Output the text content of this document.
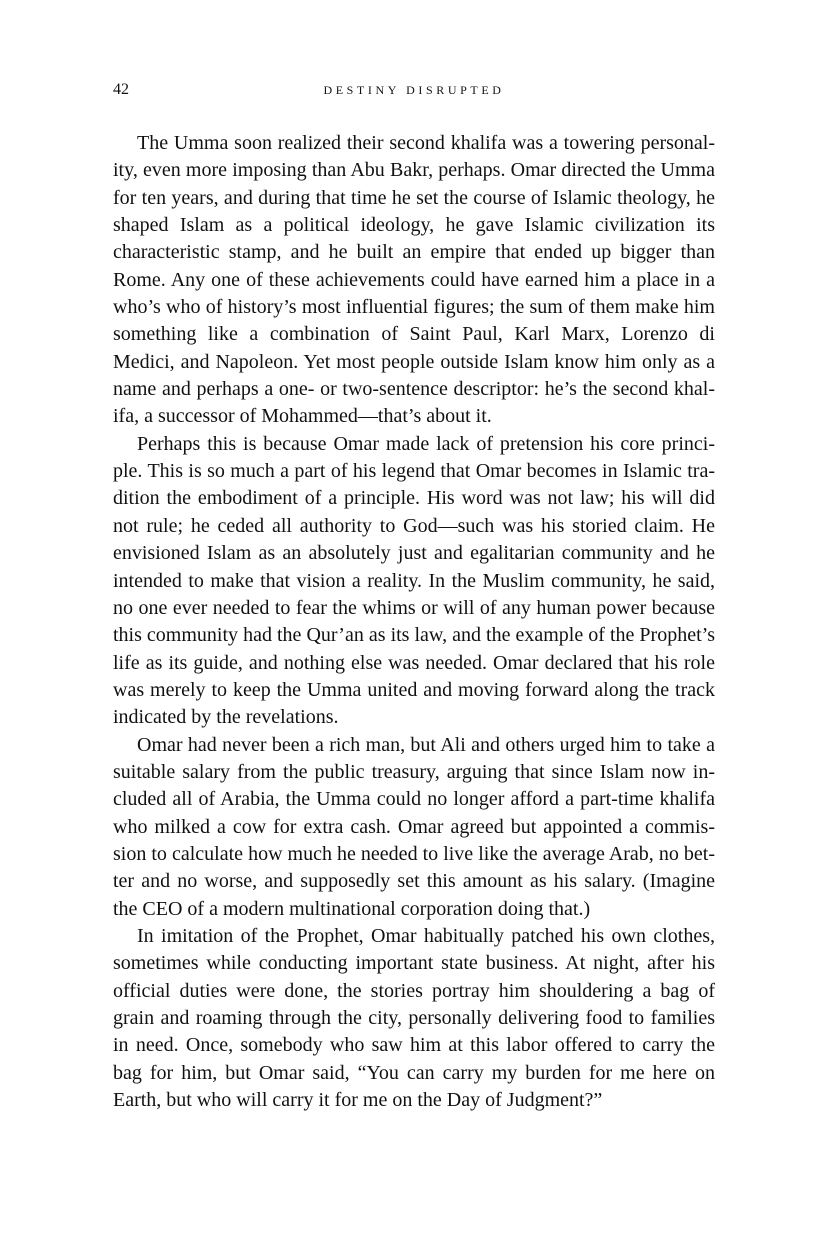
42	DESTINY DISRUPTED

The Umma soon realized their second khalifa was a towering personality, even more imposing than Abu Bakr, perhaps. Omar directed the Umma for ten years, and during that time he set the course of Islamic theology, he shaped Islam as a political ideology, he gave Islamic civilization its characteristic stamp, and he built an empire that ended up bigger than Rome. Any one of these achievements could have earned him a place in a who’s who of history’s most influential figures; the sum of them make him something like a combination of Saint Paul, Karl Marx, Lorenzo di Medici, and Napoleon. Yet most people outside Islam know him only as a name and perhaps a one- or two-sentence descriptor: he’s the second khalifa, a successor of Mohammed—that’s about it.

Perhaps this is because Omar made lack of pretension his core principle. This is so much a part of his legend that Omar becomes in Islamic tradition the embodiment of a principle. His word was not law; his will did not rule; he ceded all authority to God—such was his storied claim. He envisioned Islam as an absolutely just and egalitarian community and he intended to make that vision a reality. In the Muslim community, he said, no one ever needed to fear the whims or will of any human power because this community had the Qur’an as its law, and the example of the Prophet’s life as its guide, and nothing else was needed. Omar declared that his role was merely to keep the Umma united and moving forward along the track indicated by the revelations.

Omar had never been a rich man, but Ali and others urged him to take a suitable salary from the public treasury, arguing that since Islam now included all of Arabia, the Umma could no longer afford a part-time khalifa who milked a cow for extra cash. Omar agreed but appointed a commission to calculate how much he needed to live like the average Arab, no better and no worse, and supposedly set this amount as his salary. (Imagine the CEO of a modern multinational corporation doing that.)

In imitation of the Prophet, Omar habitually patched his own clothes, sometimes while conducting important state business. At night, after his official duties were done, the stories portray him shouldering a bag of grain and roaming through the city, personally delivering food to families in need. Once, somebody who saw him at this labor offered to carry the bag for him, but Omar said, “You can carry my burden for me here on Earth, but who will carry it for me on the Day of Judgment?”
